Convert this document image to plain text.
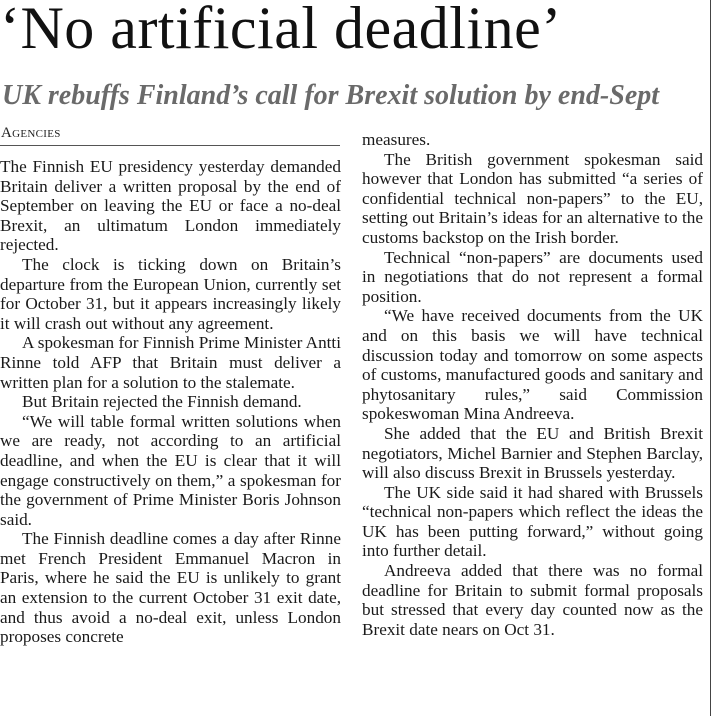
‘No artificial deadline’
UK rebuffs Finland’s call for Brexit solution by end-Sept
Agencies

The Finnish EU presidency yesterday demanded Britain deliver a written proposal by the end of September on leaving the EU or face a no-deal Brexit, an ultimatum London immediately rejected.

The clock is ticking down on Britain’s departure from the European Union, currently set for October 31, but it appears increasingly likely it will crash out without any agreement.

A spokesman for Finnish Prime Minister Antti Rinne told AFP that Britain must deliver a written plan for a solution to the stalemate.

But Britain rejected the Finnish demand.

“We will table formal written solutions when we are ready, not according to an artificial deadline, and when the EU is clear that it will engage constructively on them,” a spokesman for the government of Prime Minister Boris Johnson said.

The Finnish deadline comes a day after Rinne met French President Emmanuel Macron in Paris, where he said the EU is unlikely to grant an extension to the current October 31 exit date, and thus avoid a no-deal exit, unless London proposes concrete

measures.

The British government spokesman said however that London has submitted “a series of confidential technical non-papers” to the EU, setting out Britain’s ideas for an alternative to the customs backstop on the Irish border.

Technical “non-papers” are documents used in negotiations that do not represent a formal position.

“We have received documents from the UK and on this basis we will have technical discussion today and tomorrow on some aspects of customs, manufactured goods and sanitary and phytosanitary rules,” said Commission spokeswoman Mina Andreeva.

She added that the EU and British Brexit negotiators, Michel Barnier and Stephen Barclay, will also discuss Brexit in Brussels yesterday.

The UK side said it had shared with Brussels “technical non-papers which reflect the ideas the UK has been putting forward,” without going into further detail.

Andreeva added that there was no formal deadline for Britain to submit formal proposals but stressed that every day counted now as the Brexit date nears on Oct 31.
